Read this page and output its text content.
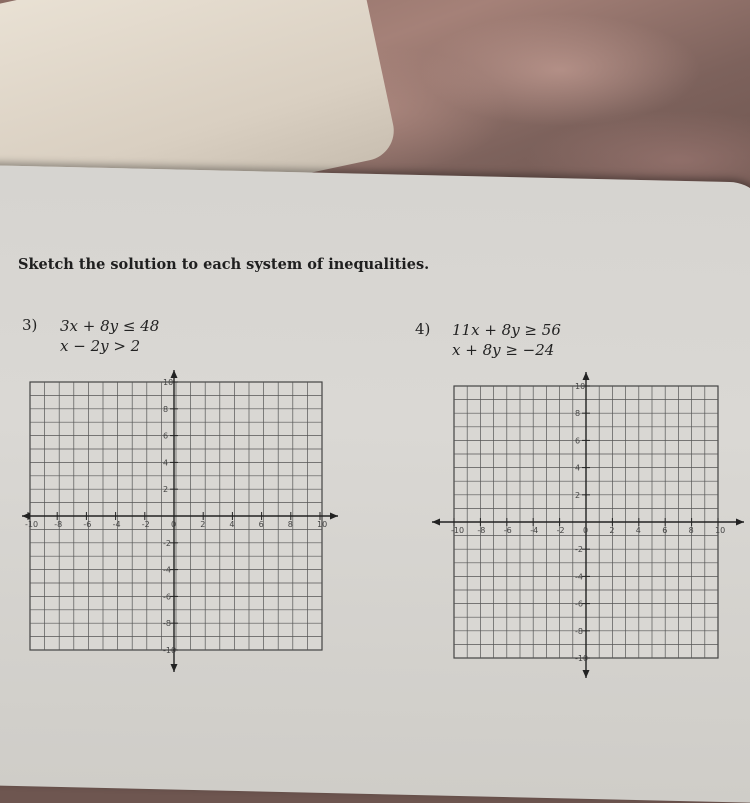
Sketch the solution to each system of inequalities.
3) 3x + 8y ≤ 48
x − 2y > 2
4) 11x + 8y ≥ 56
x + 8y ≥ −24
-10 -8	-6	-4	-2	0	2	4	6	8	10
10
8
6
4
2
-2
-4
-6
-8
-10
-10 -8 -6 -4 -2 0	2	4	6	8	10
10
8
6
4
2
-2
-4
-6
-8
-10
